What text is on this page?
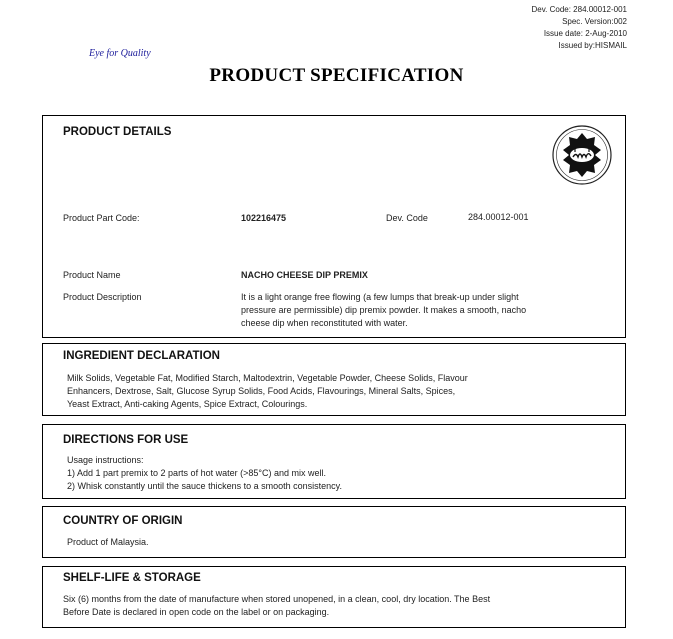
Dev. Code: 284.00012-001
Spec. Version:002
Issue date: 2-Aug-2010
Issued by:HISMAIL
Eye for Quality
PRODUCT SPECIFICATION
PRODUCT DETAILS
Product Part Code:	102216475	Dev. Code	284.00012-001
Product Name	NACHO CHEESE DIP PREMIX
Product Description	It is a light orange free flowing (a few lumps that break-up under slight
pressure are permissible) dip premix powder. It makes a smooth, nacho
cheese dip when reconstituted with water.
INGREDIENT DECLARATION
Milk Solids, Vegetable Fat, Modified Starch, Maltodextrin, Vegetable Powder, Cheese Solids, Flavour
Enhancers, Dextrose, Salt, Glucose Syrup Solids, Food Acids, Flavourings, Mineral Salts, Spices,
Yeast Extract, Anti-caking Agents, Spice Extract, Colourings.
DIRECTIONS FOR USE
Usage instructions:
1) Add 1 part premix to 2 parts of hot water (>85°C) and mix well.
2) Whisk constantly until the sauce thickens to a smooth consistency.
COUNTRY OF ORIGIN
Product of Malaysia.
SHELF-LIFE & STORAGE
Six (6) months from the date of manufacture when stored unopened, in a clean, cool, dry location. The Best
Before Date is declared in open code on the label or on packaging.
